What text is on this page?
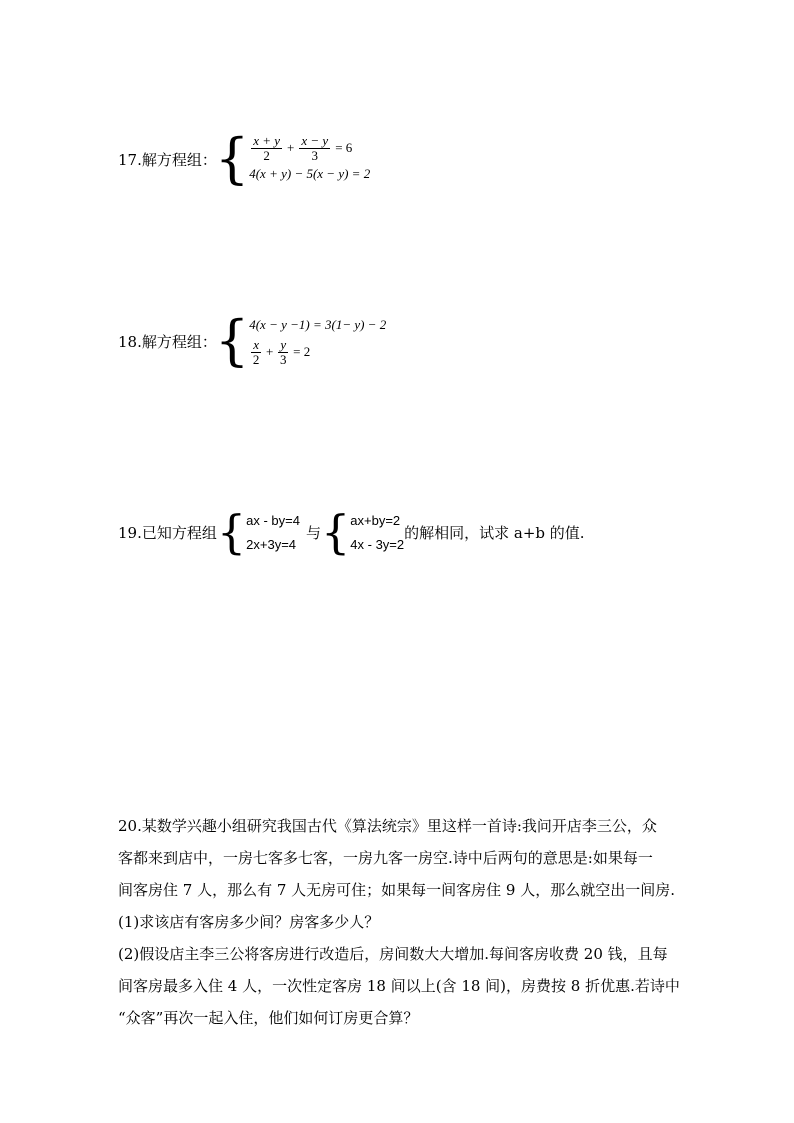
17.解方程组：
{ $\frac{x + y}{2} + \frac{x - y}{3} = 6$
4(x + y) − 5(x − y) = 2
18.解方程组：
{ 4(x − y −1) = 3(1− y) − 2
$\frac{x}{2} + \frac{y}{3} = 2$
19.已知方程组 { ax - by=4
2x+3y=4
与 { ax+by=2
4x - 3y=2
的解相同，试求 a+b 的值.
20.某数学兴趣小组研究我国古代《算法统宗》里这样一首诗:我问开店李三公，众
客都来到店中，一房七客多七客，一房九客一房空.诗中后两句的意思是:如果每一
间客房住 7 人，那么有 7 人无房可住；如果每一间客房住 9 人，那么就空出一间房.
(1)求该店有客房多少间？房客多少人？
(2)假设店主李三公将客房进行改造后，房间数大大增加.每间客房收费 20 钱，且每
间客房最多入住 4 人，一次性定客房 18 间以上(含 18 间)，房费按 8 折优惠.若诗中
“众客”再次一起入住，他们如何订房更合算？
